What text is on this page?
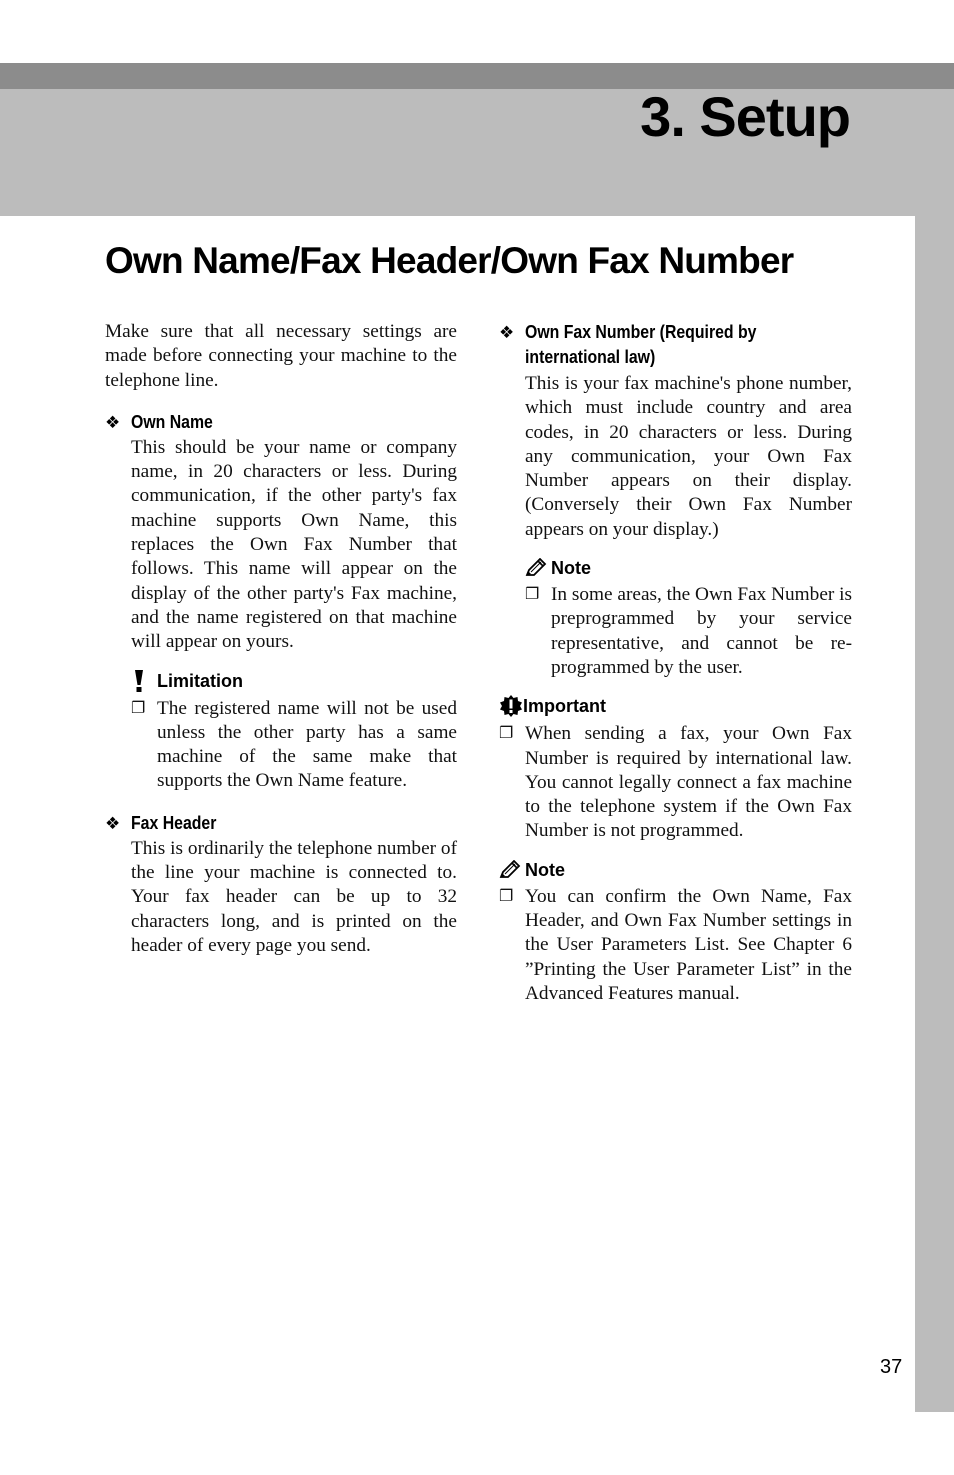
3. Setup
Own Name/Fax Header/Own Fax Number

Make sure that all necessary settings are made before connecting your machine to the telephone line.

❖ Own Name

This should be your name or company name, in 20 characters or less. During communication, if the other party's fax machine supports Own Name, this replaces the Own Fax Number that follows. This name will appear on the display of the other party's Fax machine, and the name registered on that machine will appear on yours.

Limitation
❐ The registered name will not be used unless the other party has a same machine of the same make that supports the Own Name feature.

❖ Fax Header

This is ordinarily the telephone number of the line your machine is connected to. Your fax header can be up to 32 characters long, and is printed on the header of every page you send.

❖ Own Fax Number (Required by international law)

This is your fax machine's phone number, which must include country and area codes, in 20 characters or less. During any communication, your Own Fax Number appears on their display. (Conversely their Own Fax Number appears on your display.)

Note
❐ In some areas, the Own Fax Number is preprogrammed by your service representative, and cannot be re-programmed by the user.

Important
❐ When sending a fax, your Own Fax Number is required by international law. You cannot legally connect a fax machine to the telephone system if the Own Fax Number is not programmed.

Note
❐ You can confirm the Own Name, Fax Header, and Own Fax Number settings in the User Parameters List. See Chapter 6 ”Printing the User Parameter List” in the Advanced Features manual.

37
